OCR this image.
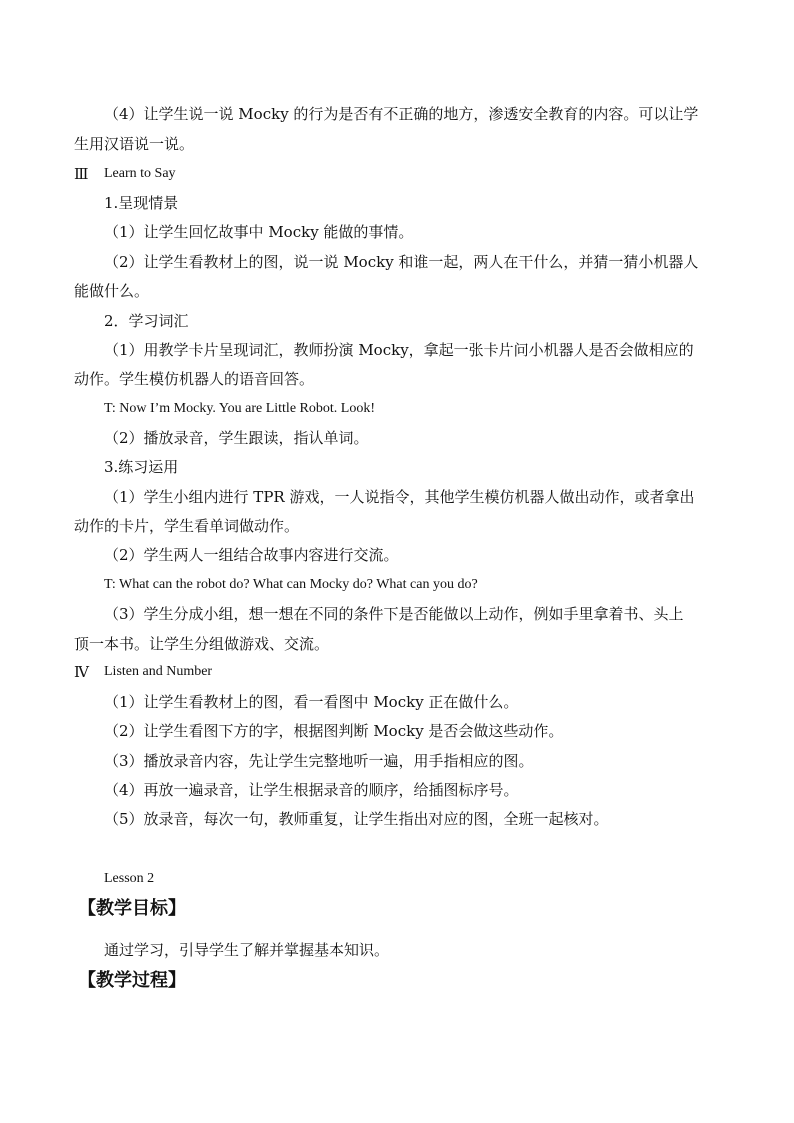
（4）让学生说一说 Mocky 的行为是否有不正确的地方，渗透安全教育的内容。可以让学
生用汉语说一说。
Ⅲ Learn to Say
1.呈现情景
（1）让学生回忆故事中 Mocky 能做的事情。
（2）让学生看教材上的图，说一说 Mocky 和谁一起，两人在干什么，并猜一猜小机器人
能做什么。
2．学习词汇
（1）用教学卡片呈现词汇，教师扮演 Mocky，拿起一张卡片问小机器人是否会做相应的
动作。学生模仿机器人的语音回答。
T: Now I’m Mocky. You are Little Robot. Look!
（2）播放录音，学生跟读，指认单词。
3.练习运用
（1）学生小组内进行 TPR 游戏，一人说指令，其他学生模仿机器人做出动作，或者拿出
动作的卡片，学生看单词做动作。
（2）学生两人一组结合故事内容进行交流。
T: What can the robot do? What can Mocky do? What can you do?
（3）学生分成小组，想一想在不同的条件下是否能做以上动作，例如手里拿着书、头上
顶一本书。让学生分组做游戏、交流。
Ⅳ Listen and Number
（1）让学生看教材上的图，看一看图中 Mocky 正在做什么。
（2）让学生看图下方的字，根据图判断 Mocky 是否会做这些动作。
（3）播放录音内容，先让学生完整地听一遍，用手指相应的图。
（4）再放一遍录音，让学生根据录音的顺序，给插图标序号。
（5）放录音，每次一句，教师重复，让学生指出对应的图，全班一起核对。
Lesson 2
【教学目标】
通过学习，引导学生了解并掌握基本知识。
【教学过程】
